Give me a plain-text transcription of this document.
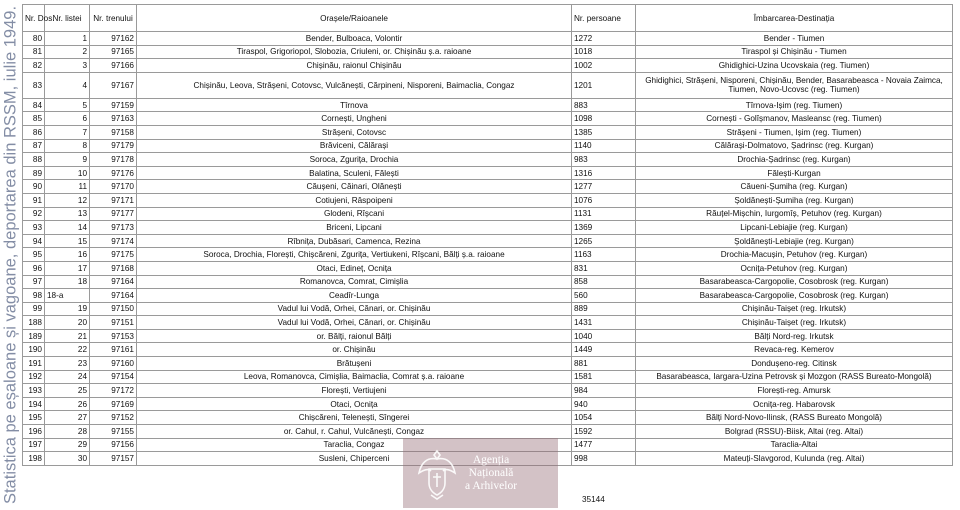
Statistica pe eșaloane și vagoane, deportarea din RSSM, iulie 1949. Nr. Dos.	Nr. listei	Nr. trenului	Orașele/Raioanele	Nr. persoane	Îmbarcarea-Destinația
80	1	97162	Bender, Bulboaca, Volontir	1272	Bender - Tiumen
81	2	97165	Tiraspol, Grigoriopol, Slobozia, Criuleni, or. Chișinău ș.a. raioane	1018	Tiraspol și Chișinău - Tiumen
82	3	97166	Chișinău, raionul Chișinău	1002	Ghidighici-Uzina Ucovskaia (reg. Tiumen)
83	4	97167	Chișinău, Leova, Strășeni, Cotovsc, Vulcănești, Cărpineni, Nisporeni, Baimaclia, Congaz	1201	Ghidighici, Strășeni, Nisporeni, Chișinău, Bender, Basarabeasca - Novaia Zaimca, Tiumen, Novo-Ucovsc (reg. Tiumen)
84	5	97159	Tîrnova	883	Tîrnova-Ișim (reg. Tiumen)
85	6	97163	Cornești, Ungheni	1098	Cornești - Golîșmanov, Masleansc (reg. Tiumen)
86	7	97158	Strășeni, Cotovsc	1385	Strășeni - Tiumen, Ișim (reg. Tiumen)
87	8	97179	Brăviceni, Călărași	1140	Călărași-Dolmatovo, Șadrinsc (reg. Kurgan)
88	9	97178	Soroca, Zgurița, Drochia	983	Drochia-Șadrinsc (reg. Kurgan)
89	10	97176	Balatina, Sculeni, Fălești	1316	Fălești-Kurgan
90	11	97170	Căușeni, Căinari, Olănești	1277	Căueni-Șumiha (reg. Kurgan)
91	12	97171	Cotiujeni, Râspoipeni	1076	Șoldănești-Șumiha (reg. Kurgan)
92	13	97177	Glodeni, Rîșcani	1131	Răuțel-Mișchin, Iurgomîș, Petuhov (reg. Kurgan)
93	14	97173	Briceni, Lipcani	1369	Lipcani-Lebiajie (reg. Kurgan)
94	15	97174	Rîbnița, Dubăsari, Camenca, Rezina	1265	Șoldănești-Lebiajie (reg. Kurgan)
95	16	97175	Soroca, Drochia, Florești, Chișcăreni, Zgurița, Vertiukeni, Rîșcani, Bălți ș.a. raioane	1163	Drochia-Macușin, Petuhov (reg. Kurgan)
96	17	97168	Otaci, Edineț, Ocnița	831	Ocnița-Petuhov (reg. Kurgan)
97	18	97164	Romanovca, Comrat, Cimișlia	858	Basarabeasca-Cargopolie, Cosobrosk (reg. Kurgan)
98	18-a	97164	Ceadîr-Lunga	560	Basarabeasca-Cargopolie, Cosobrosk (reg. Kurgan)
99	19	97150	Vadul lui Vodă, Orhei, Cănari, or. Chișinău	889	Chișinău-Taișet (reg. Irkutsk)
188	20	97151	Vadul lui Vodă, Orhei, Cănari, or. Chișinău	1431	Chișinău-Taișet (reg. Irkutsk)
189	21	97153	or. Bălți, raionul Bălți	1040	Bălți Nord-reg. Irkutsk
190	22	97161	or. Chișinău	1449	Revaca-reg. Kemerov
191	23	97160	Brătușeni	881	Dondușeno-reg. Citinsk
192	24	97154	Leova, Romanovca, Cimișlia, Baimaclia, Comrat ș.a. raioane	1581	Basarabeasca, Iargara-Uzina Petrovsk și Mozgon (RASS Bureato-Mongolă)
193	25	97172	Florești, Vertiujeni	984	Florești-reg. Amursk
194	26	97169	Otaci, Ocnița	940	Ocnița-reg. Habarovsk
195	27	97152	Chișcăreni, Telenești, Sîngerei	1054	Bălți Nord-Novo-Ilinsk, (RASS Bureato Mongolă)
196	28	97155	or. Cahul, r. Cahul, Vulcănești, Congaz	1592	Bolgrad (RSSU)-Biisk, Altai (reg. Altai)
197	29	97156	Taraclia, Congaz	1477	Taraclia-Altai
198	30	97157	Susleni, Chiperceni	998	Mateuți-Slavgorod, Kulunda (reg. Altai)
35144
Agenția
Națională
a Arhivelor
